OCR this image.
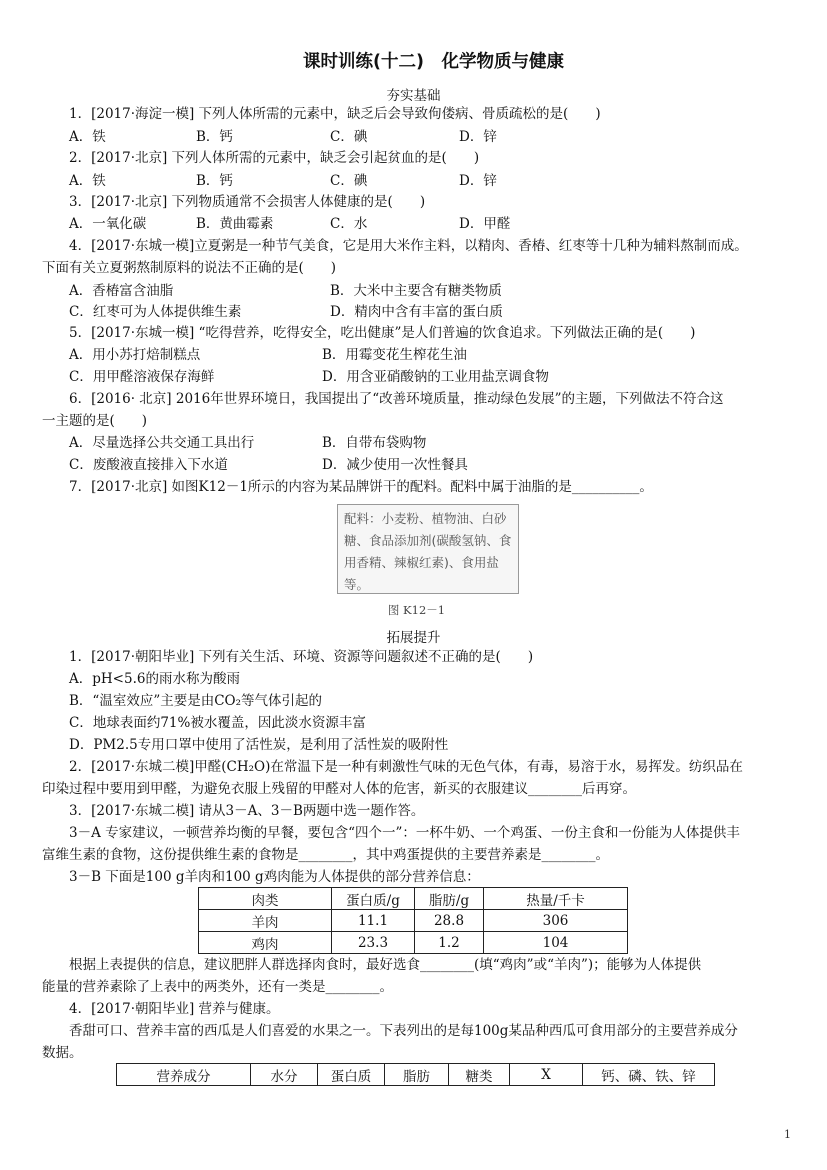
课时训练(十二)　化学物质与健康
夯实基础
1．[2017·海淀一模] 下列人体所需的元素中，缺乏后会导致佝偻病、骨质疏松的是(　　)
A．铁	B．钙	C．碘	D．锌
2．[2017·北京] 下列人体所需的元素中，缺乏会引起贫血的是(　　)
A．铁	B．钙	C．碘	D．锌
3．[2017·北京] 下列物质通常不会损害人体健康的是(　　)
A．一氧化碳	B．黄曲霉素	C．水	D．甲醛
4．[2017·东城一模]立夏粥是一种节气美食，它是用大米作主料，以精肉、香椿、红枣等十几种为辅料熬制而成。
下面有关立夏粥熬制原料的说法不正确的是(　　)
A．香椿富含油脂	B．大米中主要含有糖类物质
C．红枣可为人体提供维生素	D．精肉中含有丰富的蛋白质
5．[2017·东城一模] “吃得营养，吃得安全，吃出健康”是人们普遍的饮食追求。下列做法正确的是(　　)
A．用小苏打焙制糕点	B．用霉变花生榨花生油
C．用甲醛溶液保存海鲜	D．用含亚硝酸钠的工业用盐烹调食物
6．[2016· 北京] 2016年世界环境日，我国提出了“改善环境质量，推动绿色发展”的主题，下列做法不符合这
一主题的是(　　)
A．尽量选择公共交通工具出行	B．自带布袋购物
C．废酸液直接排入下水道	D．减少使用一次性餐具
7．[2017·北京] 如图K12－1所示的内容为某品牌饼干的配料。配料中属于油脂的是__________。
配料：小麦粉、植物油、白砂糖、食品添加剂(碳酸氢钠、食用香精、辣椒红素)、食用盐等。
图 K12－1
拓展提升
1．[2017·朝阳毕业] 下列有关生活、环境、资源等问题叙述不正确的是(　　)
A．pH<5.6的雨水称为酸雨
B．“温室效应”主要是由CO₂等气体引起的
C．地球表面约71%被水覆盖，因此淡水资源丰富
D．PM2.5专用口罩中使用了活性炭，是利用了活性炭的吸附性
2．[2017·东城二模]甲醛(CH₂O)在常温下是一种有刺激性气味的无色气体，有毒，易溶于水，易挥发。纺织品在
印染过程中要用到甲醛，为避免衣服上残留的甲醛对人体的危害，新买的衣服建议________后再穿。
3．[2017·东城二模] 请从3－A、3－B两题中选一题作答。
3－A 专家建议，一顿营养均衡的早餐，要包含“四个一”：一杯牛奶、一个鸡蛋、一份主食和一份能为人体提供丰
富维生素的食物，这份提供维生素的食物是________，其中鸡蛋提供的主要营养素是________。
3－B 下面是100 g羊肉和100 g鸡肉能为人体提供的部分营养信息：
肉类	蛋白质/g	脂肪/g	热量/千卡
羊肉	11.1	28.8	306
鸡肉	23.3	1.2	104
根据上表提供的信息，建议肥胖人群选择肉食时，最好选食________(填“鸡肉”或“羊肉”)；能够为人体提供
能量的营养素除了上表中的两类外，还有一类是________。
4．[2017·朝阳毕业] 营养与健康。
香甜可口、营养丰富的西瓜是人们喜爱的水果之一。下表列出的是每100g某品种西瓜可食用部分的主要营养成分
数据。
营养成分	水分	蛋白质	脂肪	糖类	X	钙、磷、铁、锌
1
